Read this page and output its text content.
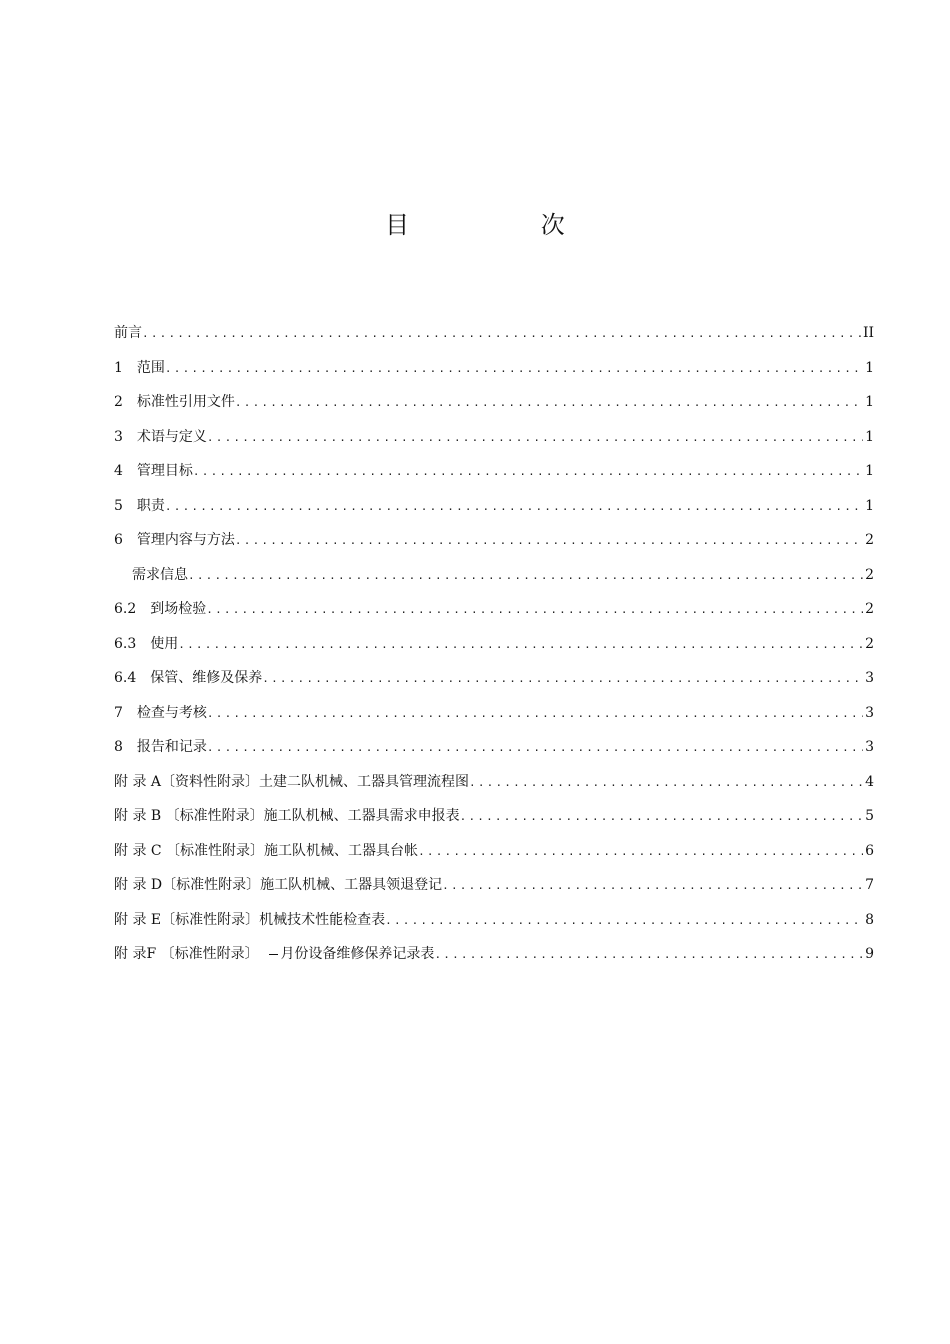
目 次
前言 .....	II
1 范围 .....	1
2 标准性引用文件 .....	1
3 术语与定义 .....	1
4 管理目标 .....	1
5 职责 .....	1
6 管理内容与方法 .....	2
需求信息 .....	2
6.2 到场检验 .....	2
6.3 使用 .....	2
6.4 保管、维修及保养 .....	3
7 检查与考核 .....	3
8 报告和记录 .....	3
附 录 A〔资料性附录〕土建二队机械、工器具管理流程图 .....	4
附 录 B 〔标准性附录〕施工队机械、工器具需求申报表 .....	5
附 录 C 〔标准性附录〕施工队机械、工器具台帐 .....	6
附 录 D〔标准性附录〕施工队机械、工器具领退登记 .....	7
附 录 E〔标准性附录〕机械技术性能检查表 .....	8
附 录F 〔标准性附录〕 月份设备维修保养记录表 .....	9
